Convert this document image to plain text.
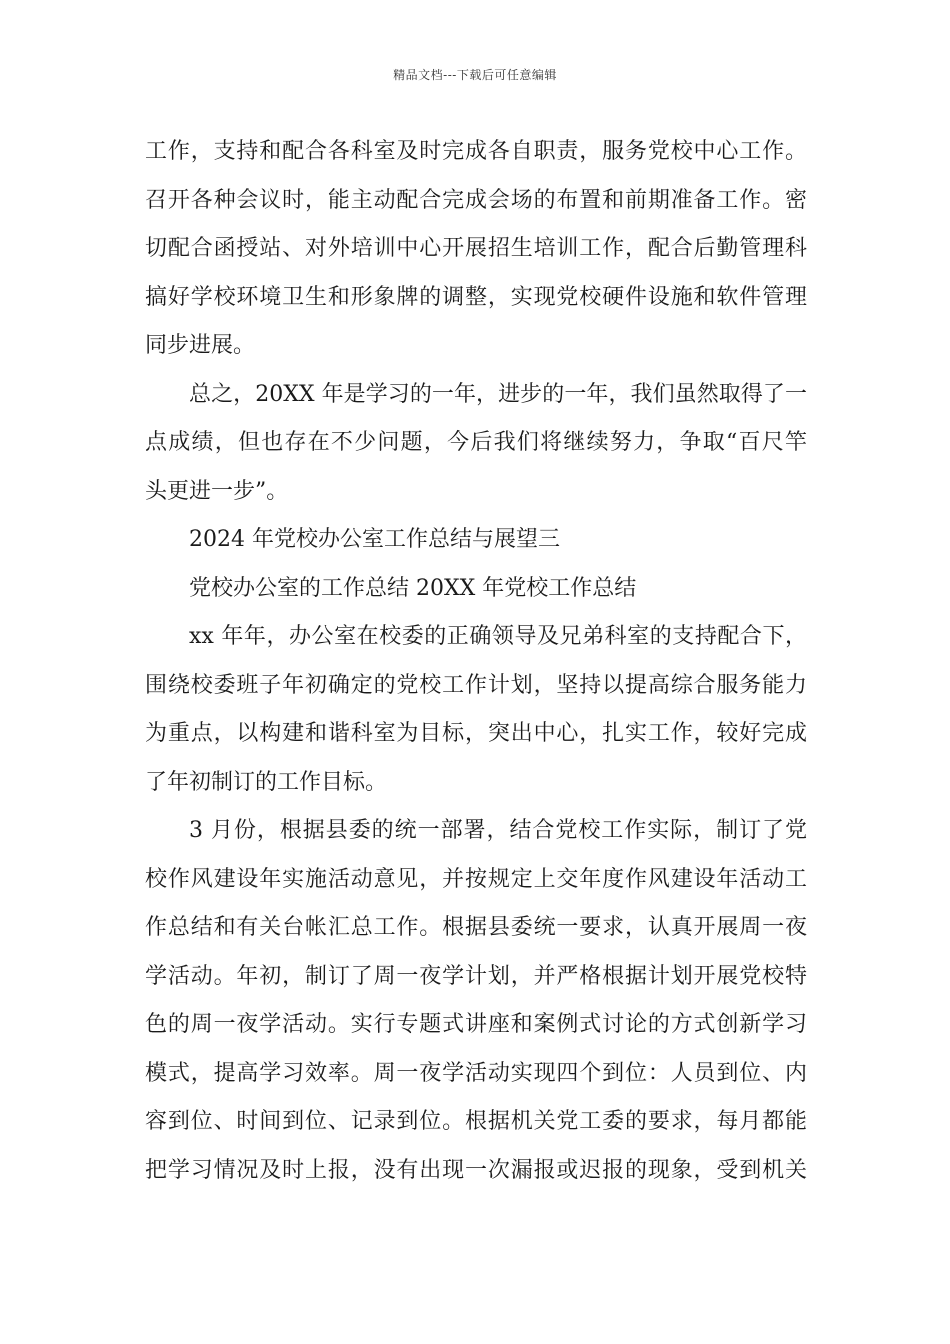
精品文档---下载后可任意编辑
工作，支持和配合各科室及时完成各自职责，服务党校中心工作。
召开各种会议时，能主动配合完成会场的布置和前期准备工作。密
切配合函授站、对外培训中心开展招生培训工作，配合后勤管理科
搞好学校环境卫生和形象牌的调整，实现党校硬件设施和软件管理
同步进展。
总之，20XX 年是学习的一年，进步的一年，我们虽然取得了一
点成绩，但也存在不少问题，今后我们将继续努力，争取“百尺竿
头更进一步”。
2024 年党校办公室工作总结与展望三
党校办公室的工作总结 20XX 年党校工作总结
xx 年年，办公室在校委的正确领导及兄弟科室的支持配合下，
围绕校委班子年初确定的党校工作计划，坚持以提高综合服务能力
为重点，以构建和谐科室为目标，突出中心，扎实工作，较好完成
了年初制订的工作目标。
3 月份，根据县委的统一部署，结合党校工作实际，制订了党
校作风建设年实施活动意见，并按规定上交年度作风建设年活动工
作总结和有关台帐汇总工作。根据县委统一要求，认真开展周一夜
学活动。年初，制订了周一夜学计划，并严格根据计划开展党校特
色的周一夜学活动。实行专题式讲座和案例式讨论的方式创新学习
模式，提高学习效率。周一夜学活动实现四个到位：人员到位、内
容到位、时间到位、记录到位。根据机关党工委的要求，每月都能
把学习情况及时上报，没有出现一次漏报或迟报的现象，受到机关
